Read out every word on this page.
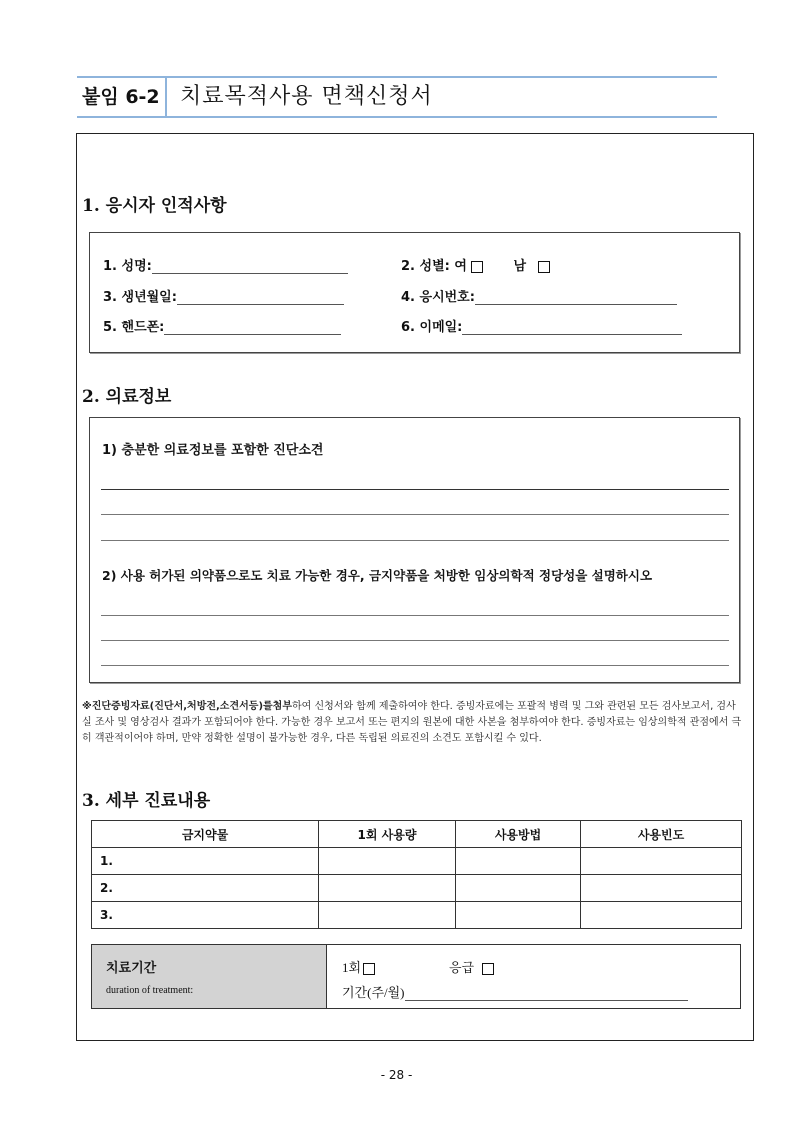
붙임 6-2 치료목적사용 면책신청서
1. 응시자 인적사항
1. 성명:	2. 성별: 여	남
3. 생년월일:	4. 응시번호:
5. 핸드폰:	6. 이메일:
2. 의료정보
1) 충분한 의료정보를 포함한 진단소견
2) 사용 허가된 의약품으로도 치료 가능한 경우, 금지약품을 처방한 임상의학적 정당성을 설명하시오
※진단증빙자료(진단서,처방전,소견서등)를첨부하여 신청서와 함께 제출하여야 한다. 증빙자료에는 포괄적 병력 및 그와 관련된 모든 검사보고서, 검사실 조사 및 영상검사 결과가 포함되어야 한다. 가능한 경우 보고서 또는 편지의 원본에 대한 사본을 첨부하여야 한다. 증빙자료는 임상의학적 관점에서 극히 객관적이어야 하며, 만약 정확한 설명이 불가능한 경우, 다른 독립된 의료진의 소견도 포함시킬 수 있다.
3. 세부 진료내용
금지약물	1회 사용량	사용방법	사용빈도
1.			
2.			
3.			
치료기간
duration of treatment:
1회	응급
기간(주/월)
- 28 -
